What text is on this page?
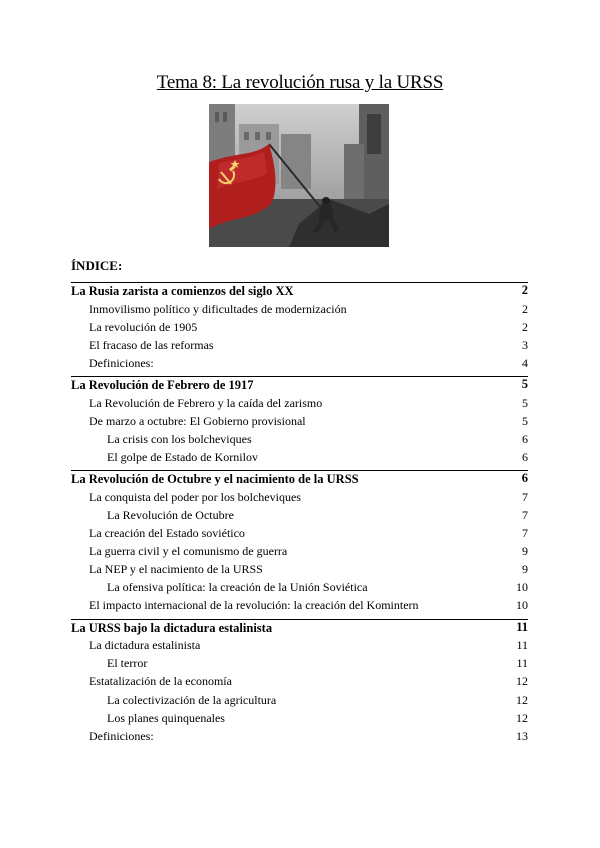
Tema 8: La revolución rusa y la URSS
ÍNDICE:
La Rusia zarista a comienzos del siglo XX	2
Inmovilismo político y dificultades de modernización	2
La revolución de 1905	2
El fracaso de las reformas	3
Definiciones:	4
La Revolución de Febrero de 1917	5
La Revolución de Febrero y la caída del zarismo	5
De marzo a octubre: El Gobierno provisional	5
La crisis con los bolcheviques	6
El golpe de Estado de Kornilov	6
La Revolución de Octubre y el nacimiento de la URSS	6
La conquista del poder por los bolcheviques	7
La Revolución de Octubre	7
La creación del Estado soviético	7
La guerra civil y el comunismo de guerra	9
La NEP y el nacimiento de la URSS	9
La ofensiva política: la creación de la Unión Soviética	10
El impacto internacional de la revolución: la creación del Komintern	10
La URSS bajo la dictadura estalinista	11
La dictadura estalinista	11
El terror	11
Estatalización de la economía	12
La colectivización de la agricultura	12
Los planes quinquenales	12
Definiciones:	13
